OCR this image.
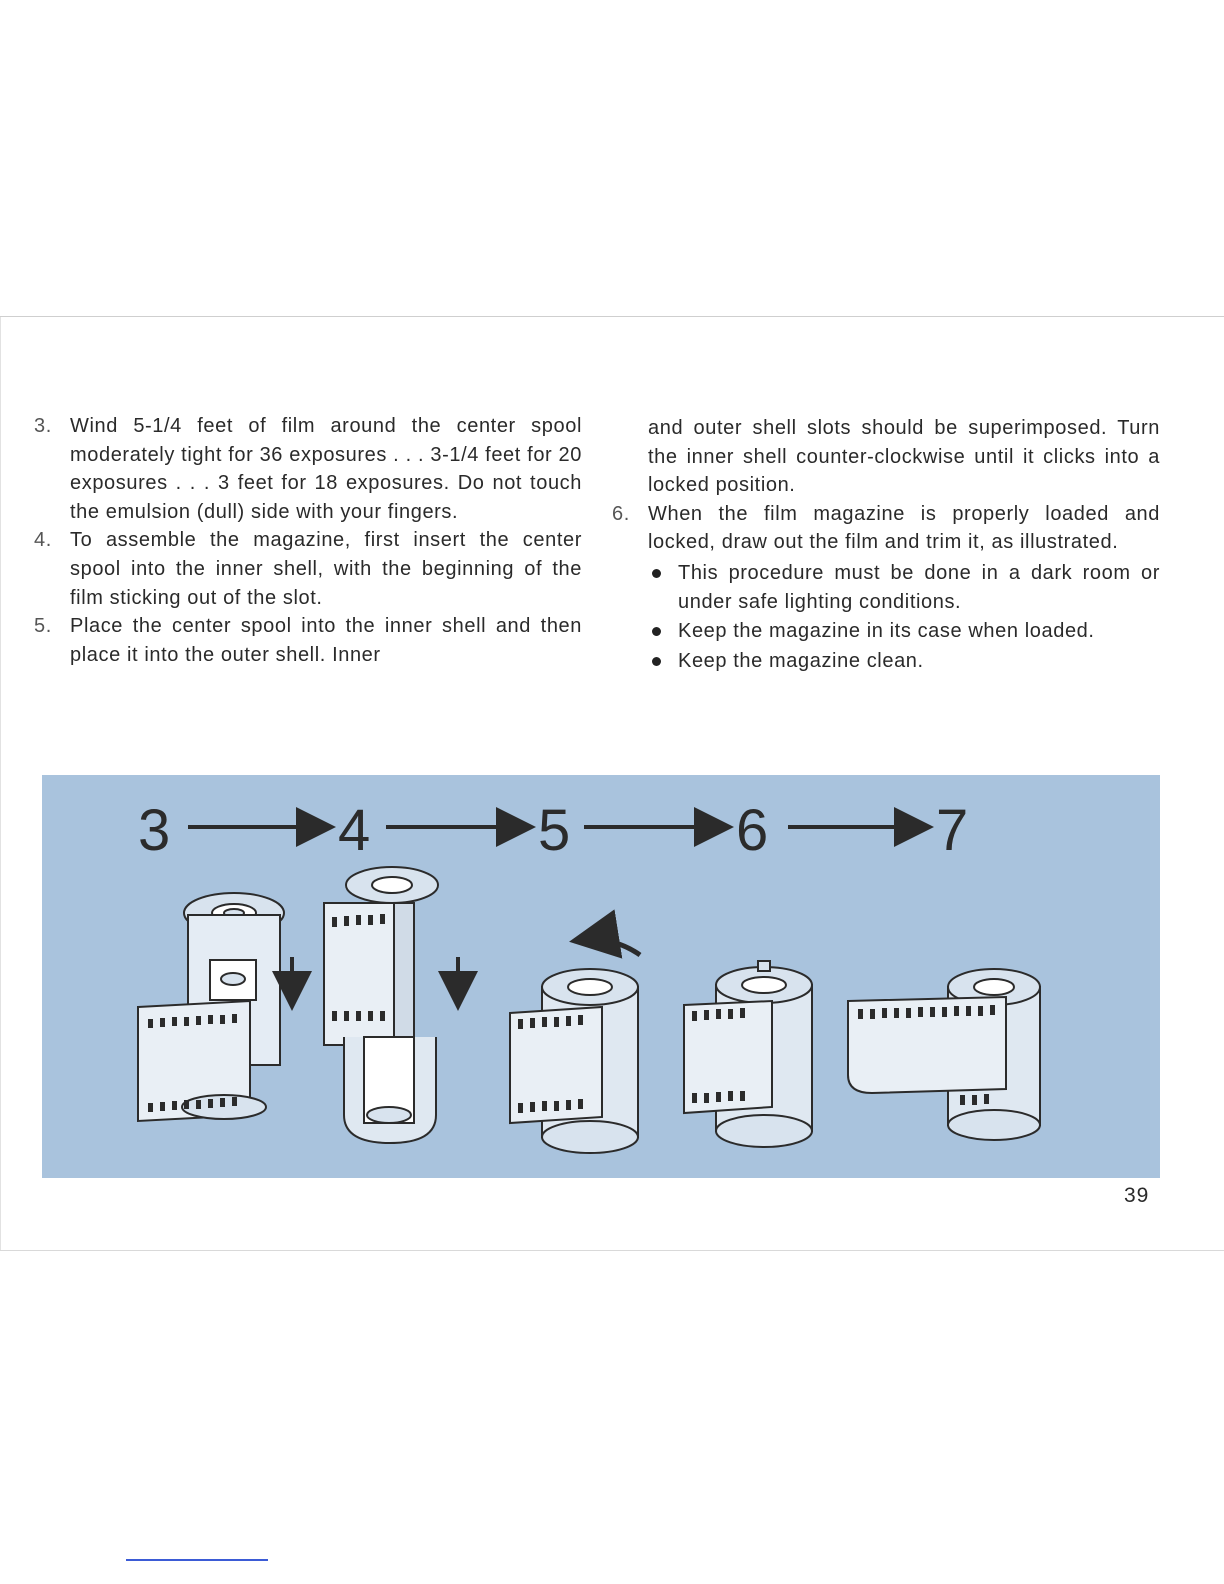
3. Wind 5-1/4 feet of film around the center spool moderately tight for 36 exposures . . . 3-1/4 feet for 20 exposures . . . 3 feet for 18 exposures. Do not touch the emulsion (dull) side with your fingers.
4. To assemble the magazine, first insert the center spool into the inner shell, with the beginning of the film sticking out of the slot.
5. Place the center spool into the inner shell and then place it into the outer shell. Inner
and outer shell slots should be superimposed. Turn the inner shell counter-clockwise until it clicks into a locked position.
6. When the film magazine is properly loaded and locked, draw out the film and trim it, as illustrated.
This procedure must be done in a dark room or under safe lighting conditions.
Keep the magazine in its case when loaded.
Keep the magazine clean.
3	4	5	6	7
39
